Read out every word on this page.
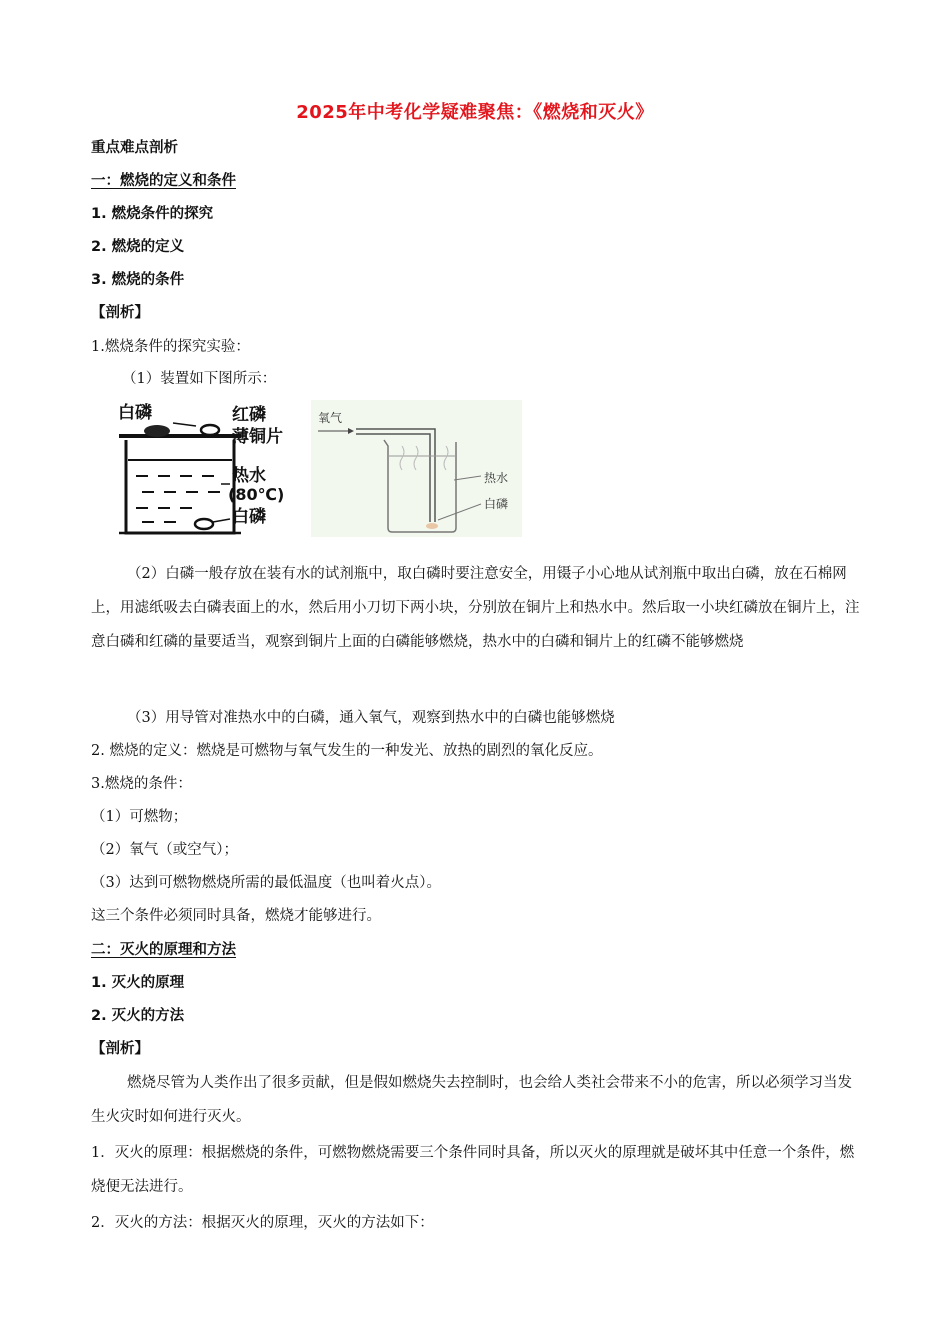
2025年中考化学疑难聚焦：《燃烧和灭火》
重点难点剖析
一：燃烧的定义和条件
1. 燃烧条件的探究
2. 燃烧的定义
3. 燃烧的条件
【剖析】
1.燃烧条件的探究实验：
（1）装置如下图所示：
白磷	红磷
薄铜片
热水
(80℃)
白磷
氧气
热水
白磷
（2）白磷一般存放在装有水的试剂瓶中，取白磷时要注意安全，用镊子小心地从试剂瓶中取出白磷，放在石棉网上，用滤纸吸去白磷表面上的水，然后用小刀切下两小块，分别放在铜片上和热水中。然后取一小块红磷放在铜片上，注意白磷和红磷的量要适当，观察到铜片上面的白磷能够燃烧，热水中的白磷和铜片上的红磷不能够燃烧
（3）用导管对准热水中的白磷，通入氧气，观察到热水中的白磷也能够燃烧
2. 燃烧的定义：燃烧是可燃物与氧气发生的一种发光、放热的剧烈的氧化反应。
3.燃烧的条件：
（1）可燃物；
（2）氧气（或空气）；
（3）达到可燃物燃烧所需的最低温度（也叫着火点）。
这三个条件必须同时具备，燃烧才能够进行。
二：灭火的原理和方法
1. 灭火的原理
2. 灭火的方法
【剖析】
燃烧尽管为人类作出了很多贡献，但是假如燃烧失去控制时，也会给人类社会带来不小的危害，所以必须学习当发生火灾时如何进行灭火。
1．灭火的原理：根据燃烧的条件，可燃物燃烧需要三个条件同时具备，所以灭火的原理就是破坏其中任意一个条件，燃烧便无法进行。
2．灭火的方法：根据灭火的原理，灭火的方法如下：
